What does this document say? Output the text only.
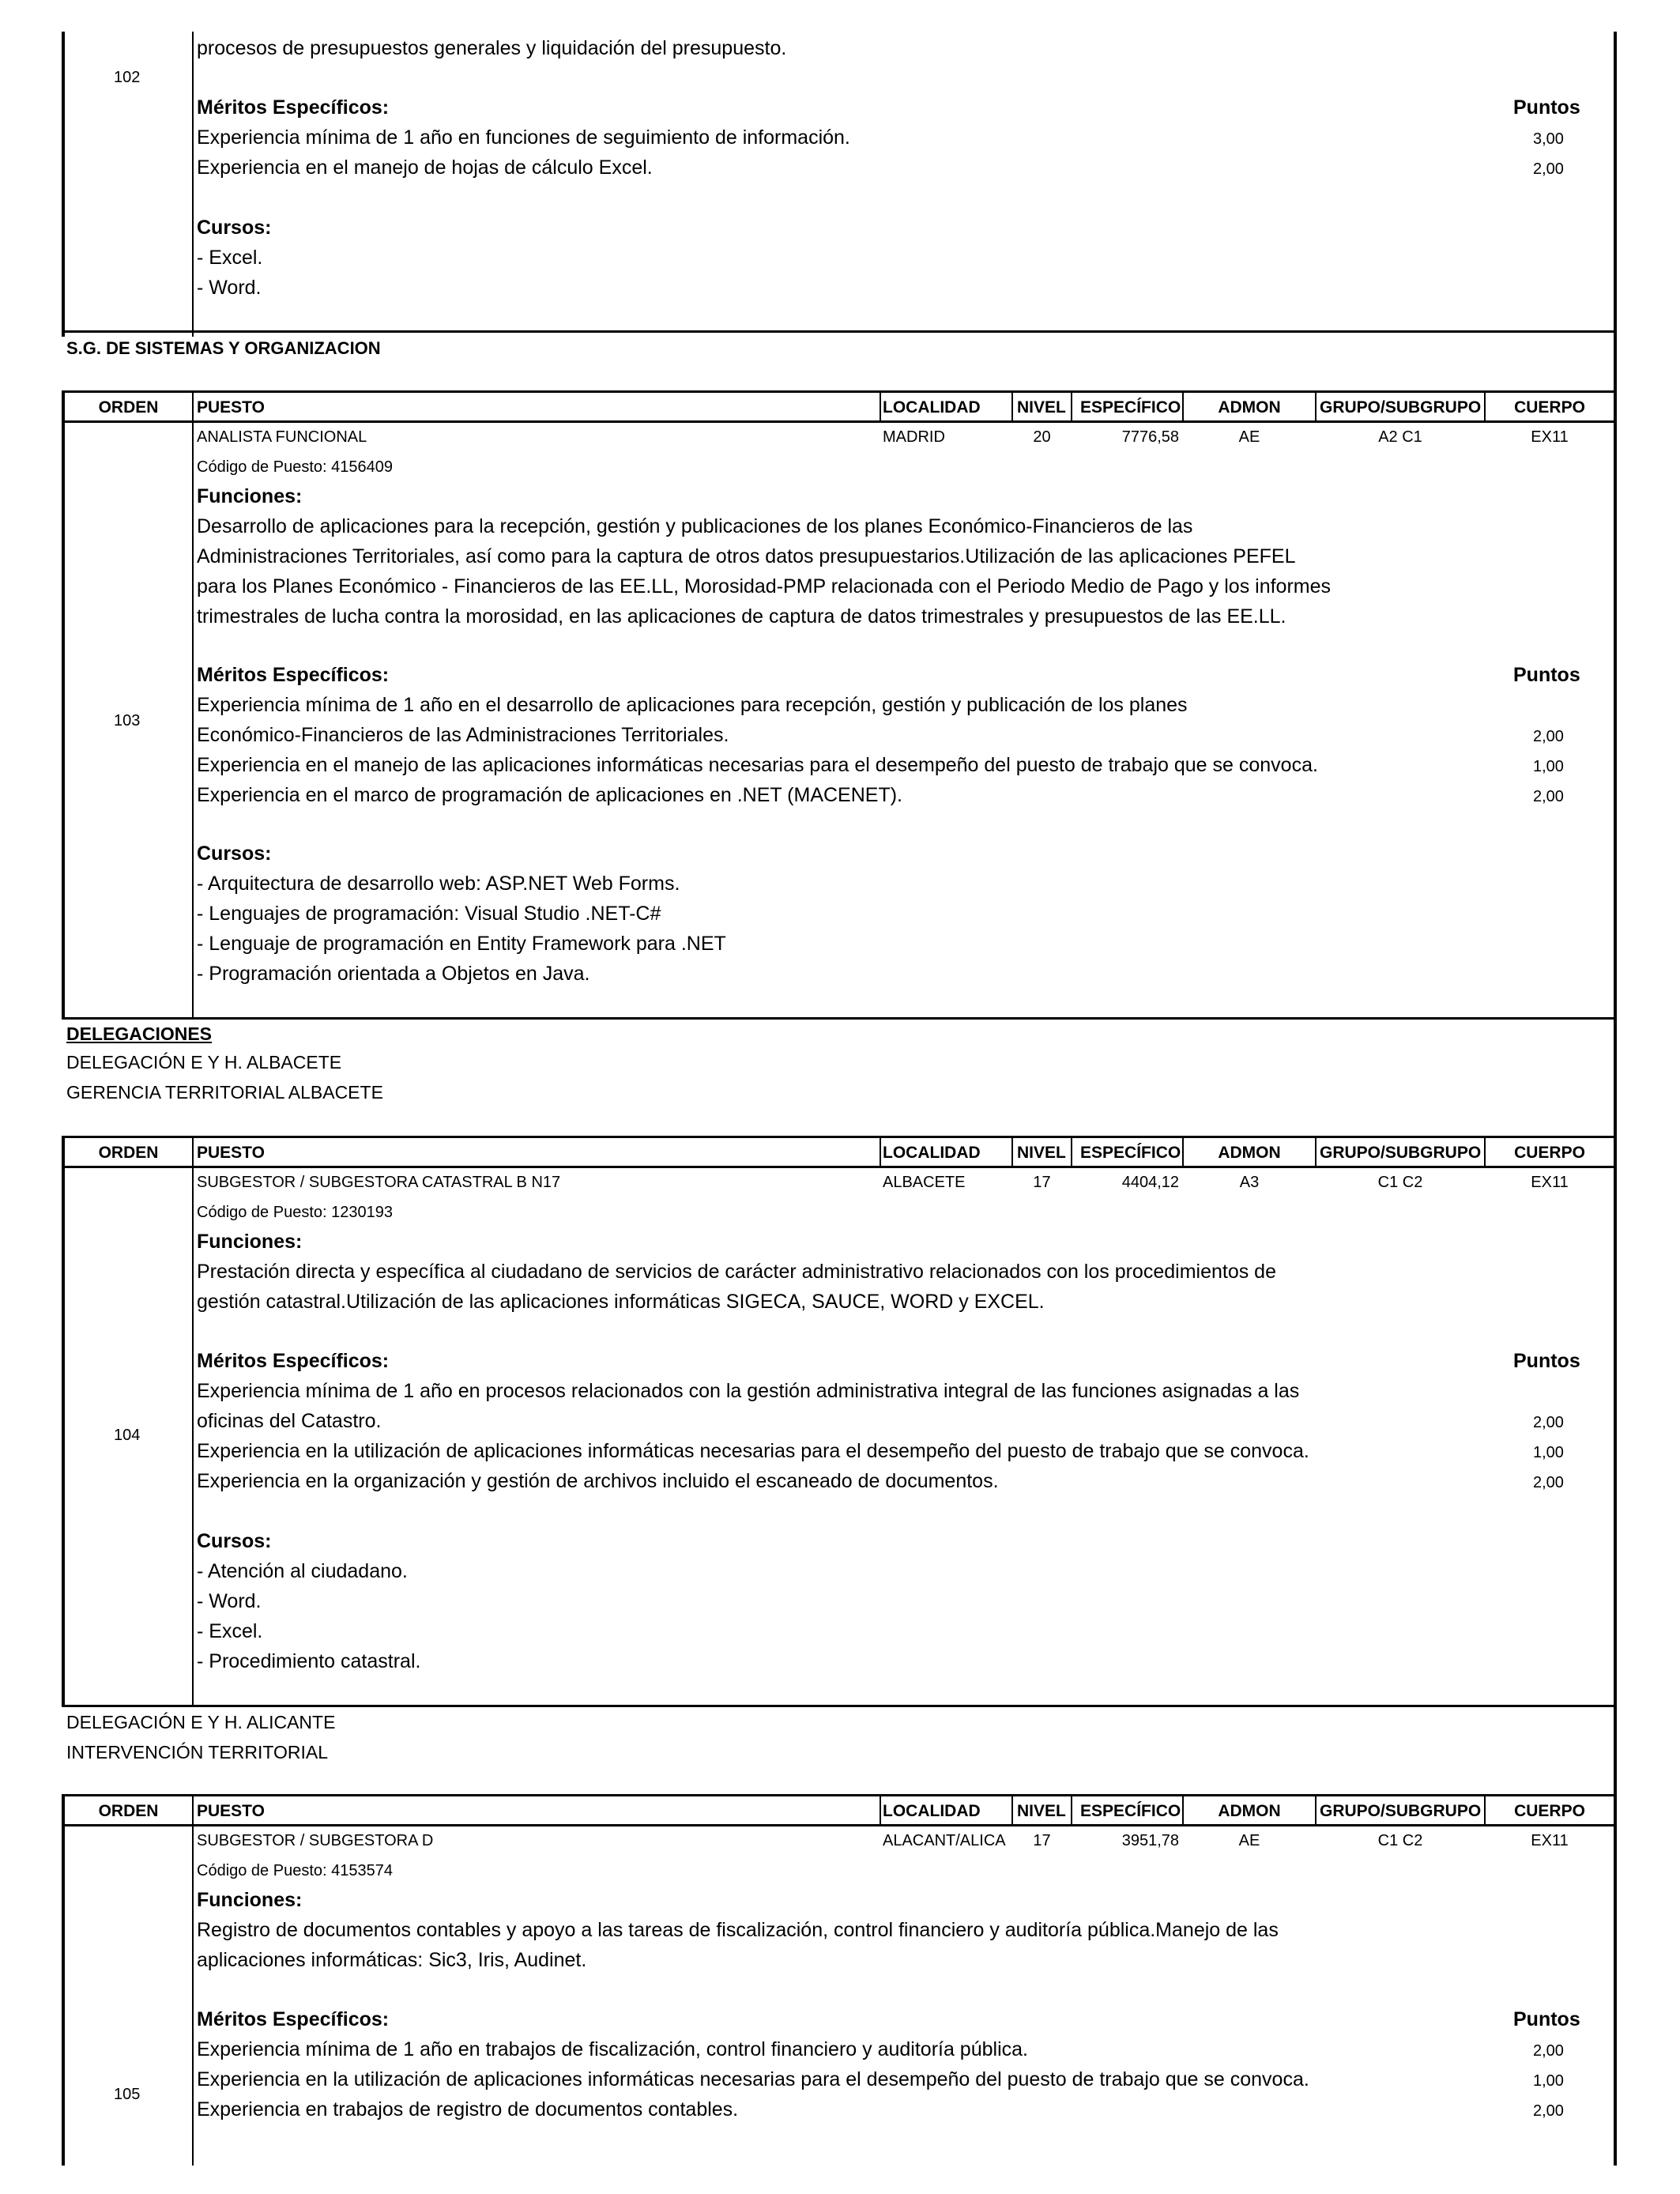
102
procesos de presupuestos generales y liquidación del presupuesto.
Méritos Específicos:	Puntos
Experiencia mínima de 1 año en funciones de seguimiento de información.	3,00
Experiencia en el manejo de hojas de cálculo Excel.	2,00
Cursos:
- Excel.
- Word.
S.G. DE SISTEMAS Y ORGANIZACION
ORDEN	PUESTO	LOCALIDAD NIVEL ESPECÍFICO	ADMON	GRUPO/SUBGRUPO	CUERPO
103
ANALISTA FUNCIONAL	MADRID	20	7776,58	AE	A2 C1	EX11
Código de Puesto: 4156409
Funciones:
Desarrollo de aplicaciones para la recepción, gestión y publicaciones de los planes Económico-Financieros de las
Administraciones Territoriales, así como para la captura de otros datos presupuestarios.Utilización de las aplicaciones PEFEL
para los Planes Económico - Financieros de las EE.LL, Morosidad-PMP relacionada con el Periodo Medio de Pago y los informes
trimestrales de lucha contra la morosidad, en las aplicaciones de captura de datos trimestrales y presupuestos de las EE.LL.
Méritos Específicos:	Puntos
Experiencia mínima de 1 año en el desarrollo de aplicaciones para recepción, gestión y publicación de los planes
Económico-Financieros de las Administraciones Territoriales.	2,00
Experiencia en el manejo de las aplicaciones informáticas necesarias para el desempeño del puesto de trabajo que se convoca.	1,00
Experiencia en el marco de programación de aplicaciones en .NET (MACENET).	2,00
Cursos:
- Arquitectura de desarrollo web: ASP.NET Web Forms.
- Lenguajes de programación: Visual Studio .NET-C#
- Lenguaje de programación en Entity Framework para .NET
- Programación orientada a Objetos en Java.
DELEGACIONES
DELEGACIÓN E Y H. ALBACETE
GERENCIA TERRITORIAL ALBACETE
ORDEN	PUESTO	LOCALIDAD NIVEL ESPECÍFICO	ADMON	GRUPO/SUBGRUPO	CUERPO
104
SUBGESTOR / SUBGESTORA CATASTRAL B N17	ALBACETE	17	4404,12	A3	C1 C2	EX11
Código de Puesto: 1230193
Funciones:
Prestación directa y específica al ciudadano de servicios de carácter administrativo relacionados con los procedimientos de
gestión catastral.Utilización de las aplicaciones informáticas SIGECA, SAUCE, WORD y EXCEL.
Méritos Específicos:	Puntos
Experiencia mínima de 1 año en procesos relacionados con la gestión administrativa integral de las funciones asignadas a las
oficinas del Catastro.	2,00
Experiencia en la utilización de aplicaciones informáticas necesarias para el desempeño del puesto de trabajo que se convoca.	1,00
Experiencia en la organización y gestión de archivos incluido el escaneado de documentos.	2,00
Cursos:
- Atención al ciudadano.
- Word.
- Excel.
- Procedimiento catastral.
DELEGACIÓN E Y H. ALICANTE
INTERVENCIÓN TERRITORIAL
ORDEN	PUESTO	LOCALIDAD NIVEL ESPECÍFICO	ADMON	GRUPO/SUBGRUPO	CUERPO
105
SUBGESTOR / SUBGESTORA D	ALACANT/ALICA	17	3951,78	AE	C1 C2	EX11
Código de Puesto: 4153574
Funciones:
Registro de documentos contables y apoyo a las tareas de fiscalización, control financiero y auditoría pública.Manejo de las
aplicaciones informáticas: Sic3, Iris, Audinet.
Méritos Específicos:	Puntos
Experiencia mínima de 1 año en trabajos de fiscalización, control financiero y auditoría pública.	2,00
Experiencia en la utilización de aplicaciones informáticas necesarias para el desempeño del puesto de trabajo que se convoca.	1,00
Experiencia en trabajos de registro de documentos contables.	2,00
